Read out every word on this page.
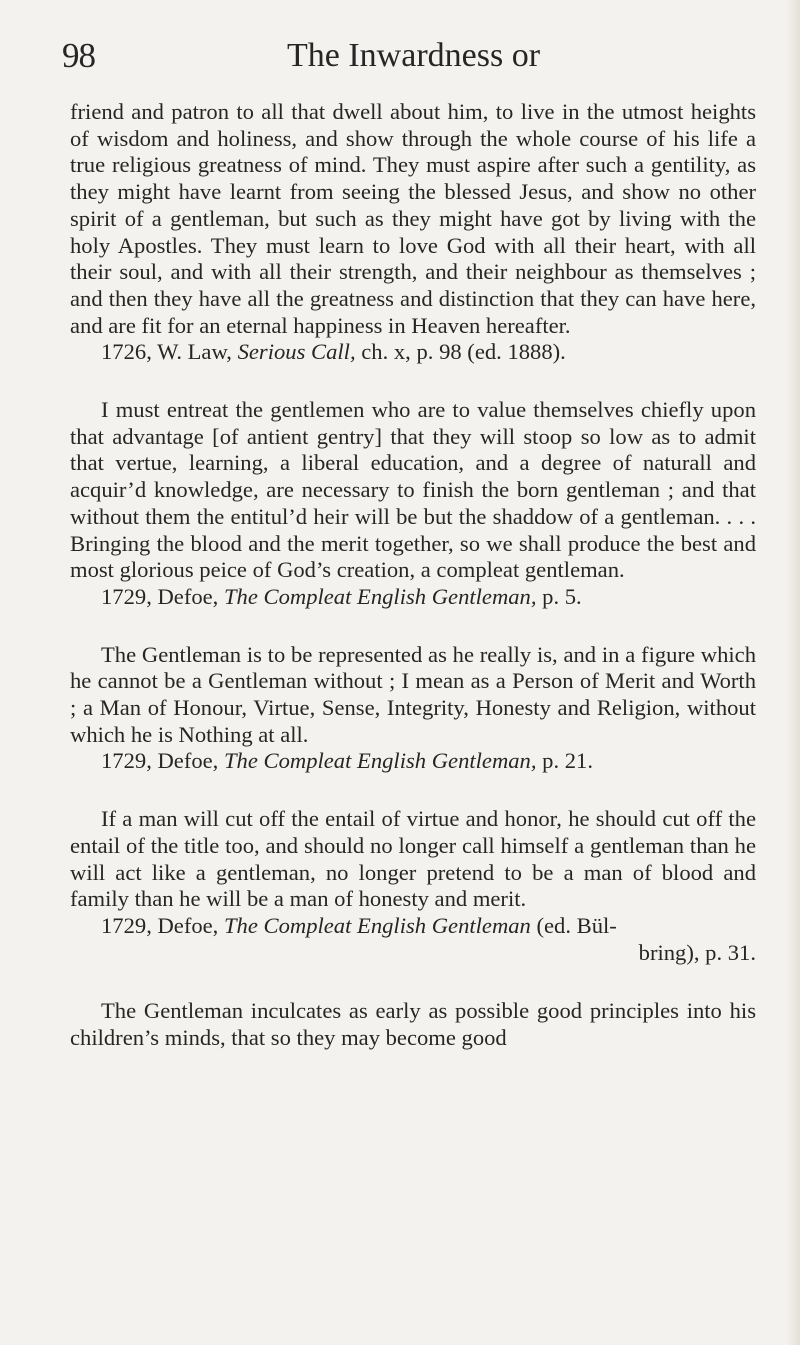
98	The Inwardness or

friend and patron to all that dwell about him, to live in the utmost heights of wisdom and holiness, and show through the whole course of his life a true religious greatness of mind. They must aspire after such a gentility, as they might have learnt from seeing the blessed Jesus, and show no other spirit of a gentleman, but such as they might have got by living with the holy Apostles. They must learn to love God with all their heart, with all their soul, and with all their strength, and their neighbour as themselves ; and then they have all the greatness and distinction that they can have here, and are fit for an eternal happiness in Heaven hereafter.

1726, W. Law, Serious Call, ch. x, p. 98 (ed. 1888).

I must entreat the gentlemen who are to value themselves chiefly upon that advantage [of antient gentry] that they will stoop so low as to admit that vertue, learning, a liberal education, and a degree of naturall and acquir’d knowledge, are necessary to finish the born gentleman ; and that without them the entitul’d heir will be but the shaddow of a gentleman. . . . Bringing the blood and the merit together, so we shall produce the best and most glorious peice of God’s creation, a compleat gentleman.

1729, Defoe, The Compleat English Gentleman, p. 5.

The Gentleman is to be represented as he really is, and in a figure which he cannot be a Gentleman without ; I mean as a Person of Merit and Worth ; a Man of Honour, Virtue, Sense, Integrity, Honesty and Religion, without which he is Nothing at all.

1729, Defoe, The Compleat English Gentleman, p. 21.

If a man will cut off the entail of virtue and honor, he should cut off the entail of the title too, and should no longer call himself a gentleman than he will act like a gentleman, no longer pretend to be a man of blood and family than he will be a man of honesty and merit.

1729, Defoe, The Compleat English Gentleman (ed. Bül-

bring), p. 31.

The Gentleman inculcates as early as possible good principles into his children’s minds, that so they may become good
